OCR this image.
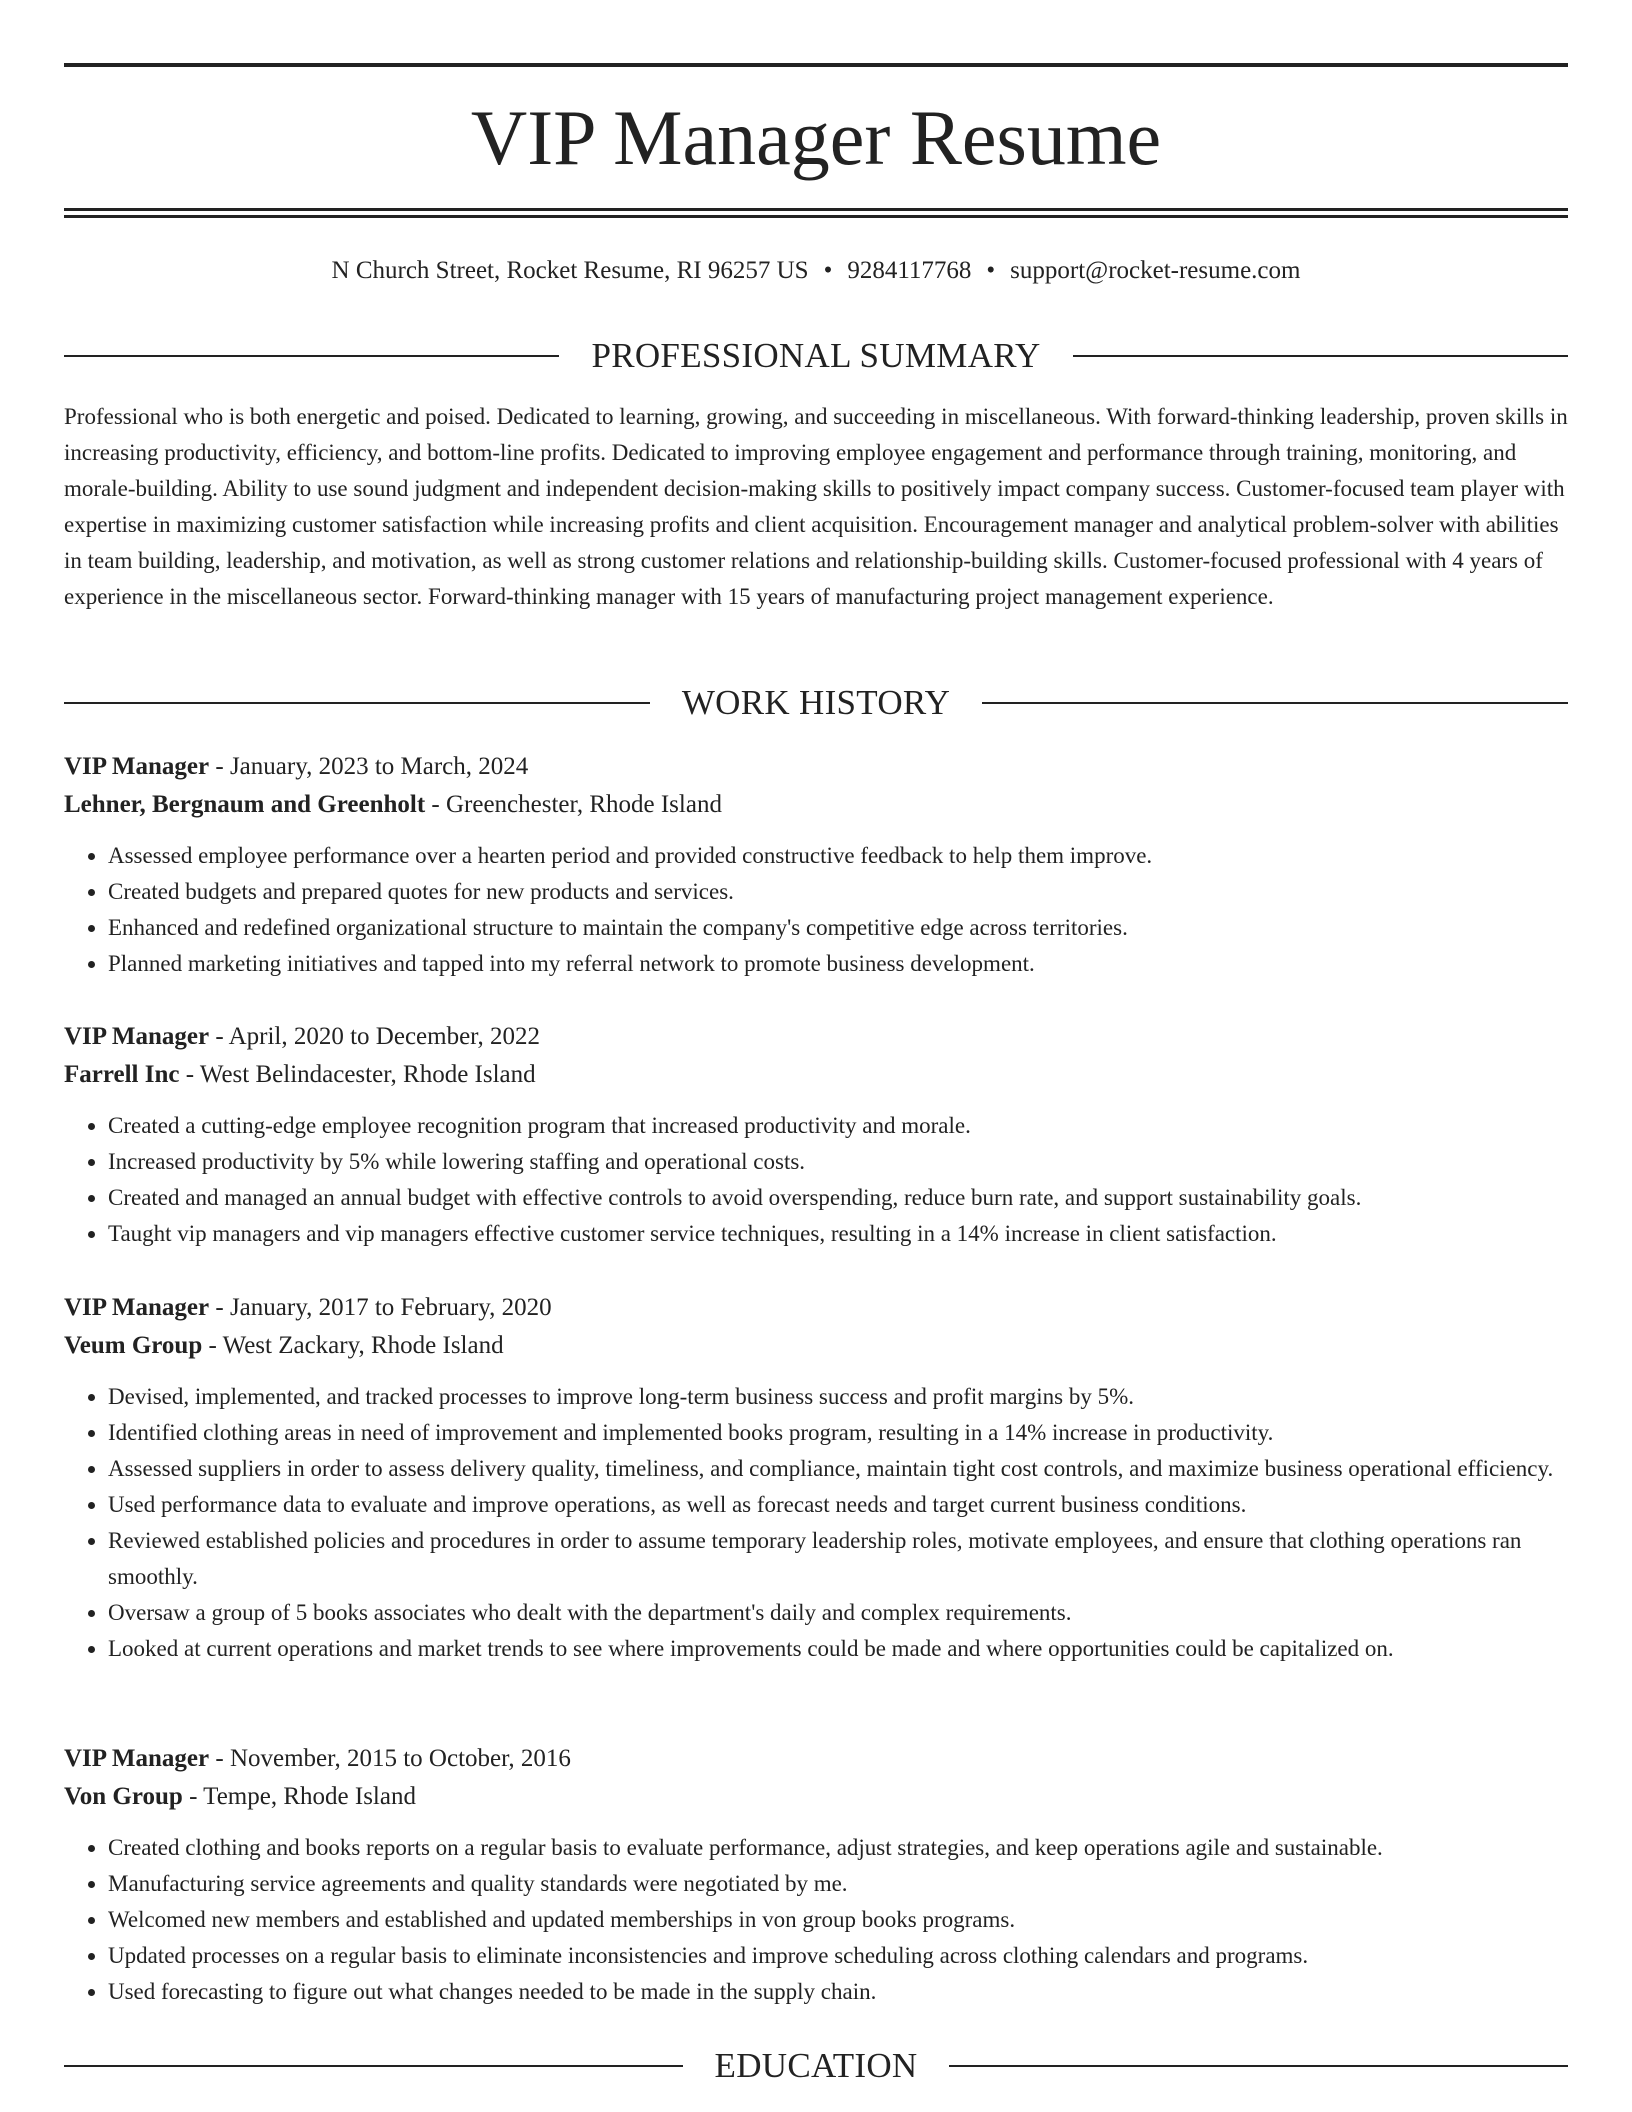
VIP Manager Resume
N Church Street, Rocket Resume, RI 96257 US • 9284117768 • support@rocket-resume.com
PROFESSIONAL SUMMARY

Professional who is both energetic and poised. Dedicated to learning, growing, and succeeding in miscellaneous. With forward-thinking leadership, proven skills in increasing productivity, efficiency, and bottom-line profits. Dedicated to improving employee engagement and performance through training, monitoring, and morale-building. Ability to use sound judgment and independent decision-making skills to positively impact company success. Customer-focused team player with expertise in maximizing customer satisfaction while increasing profits and client acquisition. Encouragement manager and analytical problem-solver with abilities in team building, leadership, and motivation, as well as strong customer relations and relationship-building skills. Customer-focused professional with 4 years of experience in the miscellaneous sector. Forward-thinking manager with 15 years of manufacturing project management experience.

WORK HISTORY
VIP Manager - January, 2023 to March, 2024
Lehner, Bergnaum and Greenholt - Greenchester, Rhode Island
• Assessed employee performance over a hearten period and provided constructive feedback to help them improve.
• Created budgets and prepared quotes for new products and services.
• Enhanced and redefined organizational structure to maintain the company's competitive edge across territories.
• Planned marketing initiatives and tapped into my referral network to promote business development.
VIP Manager - April, 2020 to December, 2022
Farrell Inc - West Belindacester, Rhode Island
• Created a cutting-edge employee recognition program that increased productivity and morale.
• Increased productivity by 5% while lowering staffing and operational costs.
• Created and managed an annual budget with effective controls to avoid overspending, reduce burn rate, and support sustainability goals.
• Taught vip managers and vip managers effective customer service techniques, resulting in a 14% increase in client satisfaction.
VIP Manager - January, 2017 to February, 2020
Veum Group - West Zackary, Rhode Island
• Devised, implemented, and tracked processes to improve long-term business success and profit margins by 5%.
• Identified clothing areas in need of improvement and implemented books program, resulting in a 14% increase in productivity.
• Assessed suppliers in order to assess delivery quality, timeliness, and compliance, maintain tight cost controls, and maximize business operational efficiency.
• Used performance data to evaluate and improve operations, as well as forecast needs and target current business conditions.
• Reviewed established policies and procedures in order to assume temporary leadership roles, motivate employees, and ensure that clothing operations ran smoothly.
• Oversaw a group of 5 books associates who dealt with the department's daily and complex requirements.
• Looked at current operations and market trends to see where improvements could be made and where opportunities could be capitalized on.
VIP Manager - November, 2015 to October, 2016
Von Group - Tempe, Rhode Island
• Created clothing and books reports on a regular basis to evaluate performance, adjust strategies, and keep operations agile and sustainable.
• Manufacturing service agreements and quality standards were negotiated by me.
• Welcomed new members and established and updated memberships in von group books programs.
• Updated processes on a regular basis to eliminate inconsistencies and improve scheduling across clothing calendars and programs.
• Used forecasting to figure out what changes needed to be made in the supply chain.
EDUCATION
